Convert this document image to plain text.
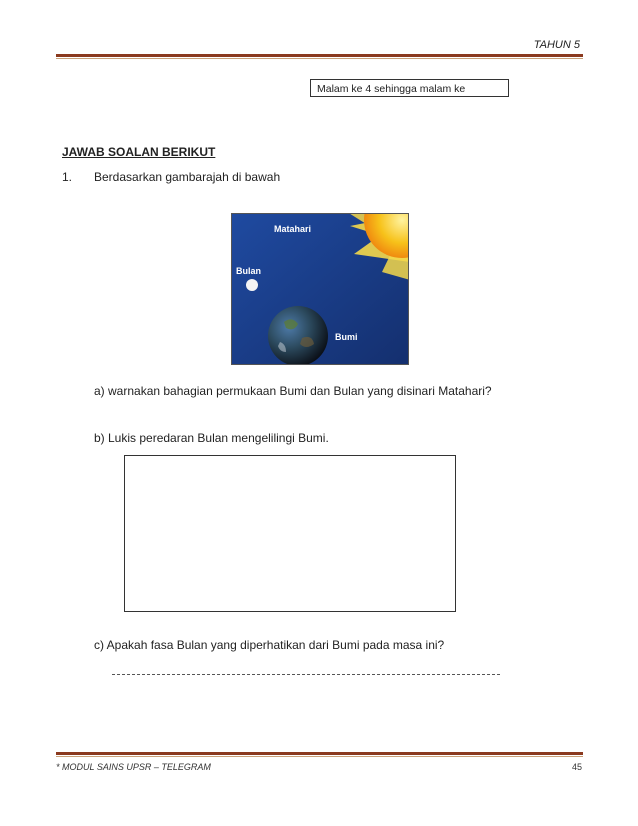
TAHUN 5
Malam ke 4 sehingga malam ke
JAWAB SOALAN BERIKUT
1. Berdasarkan gambarajah di bawah
Matahari
Bulan
Bumi
a) warnakan bahagian permukaan Bumi dan Bulan yang disinari Matahari?
b) Lukis peredaran Bulan mengelilingi Bumi.
c) Apakah fasa Bulan yang diperhatikan dari Bumi pada masa ini?
* MODUL SAINS UPSR – TELEGRAM	45
